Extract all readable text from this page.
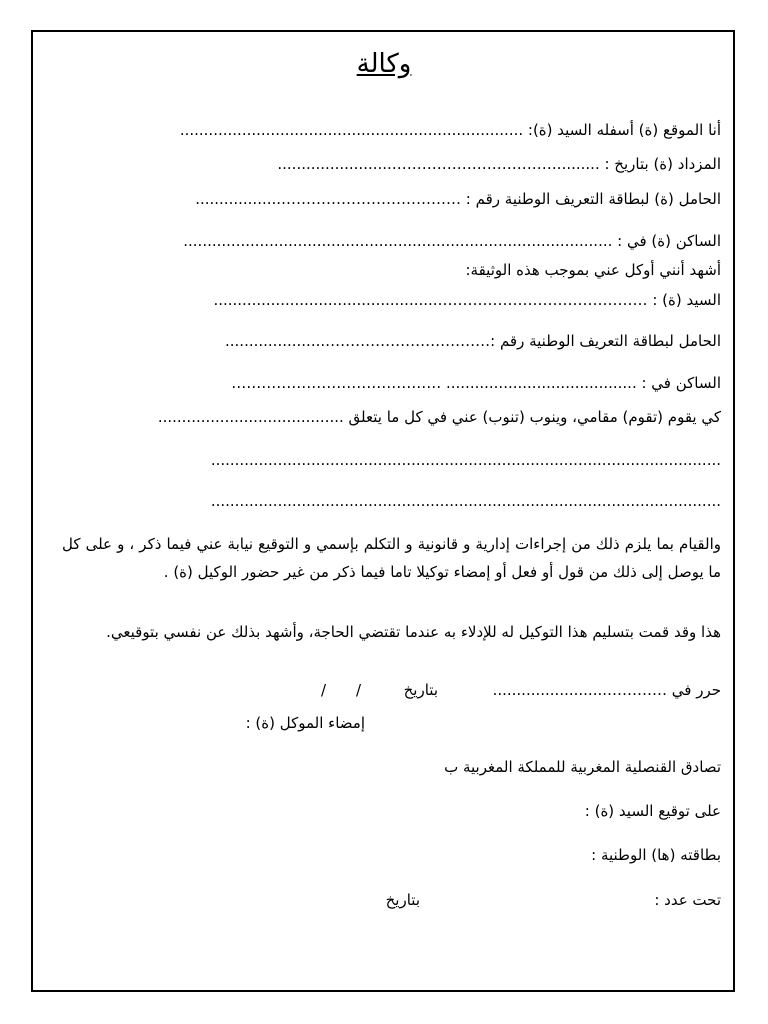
وكالة
أنا الموقع (ة) أسفله السيد (ة): ........................................................................
المزداد (ة) بتاريخ : .........……………………………........................
الحامل (ة) لبطاقة التعريف الوطنية رقم : ………………………………..................
الساكن (ة) في : ..........................................................................................
أشهد أنني أوكل عني بموجب هذه الوثيقة:
السيد (ة) : ……………………………………...............................................
الحامل لبطاقة التعريف الوطنية رقم :…………………………….....................
الساكن في : ........................................ ……………………………………
كي يقوم (تقوم) مقامي، وينوب (تنوب) عني في كل ما يتعلق .......................................
...........................................................................................................
...........................................................................................................
والقيام بما يلزم ذلك من إجراءات إدارية و قانونية و التكلم بإسمي و التوقيع نيابة عني فيما ذكر ، و على كل ما يوصل إلى ذلك من قول أو فعل أو إمضاء توكيلا تاما فيما ذكر من غير حضور الوكيل (ة) .
هذا وقد قمت بتسليم هذا التوكيل له للإدلاء به عندما تقتضي الحاجة، وأشهد بذلك عن نفسي بتوقيعي.
حرر في …………........................
بتاريخ
/
/
إمضاء الموكل (ة) :
تصادق القنصلية المغربية للمملكة المغربية ب
على توقيع السيد (ة) :
بطاقته (ها) الوطنية :
تحت عدد :
بتاريخ
